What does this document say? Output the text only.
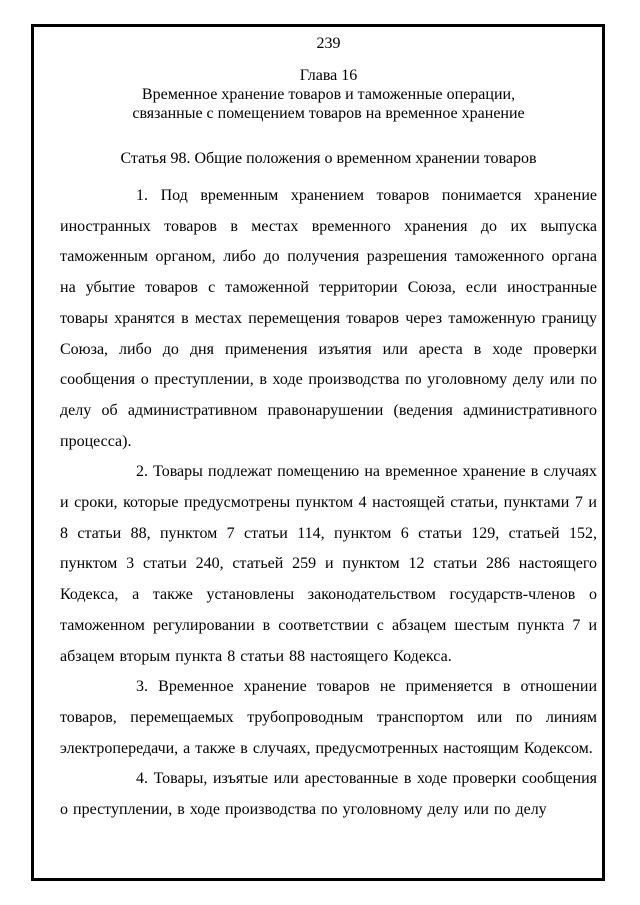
239

Глава 16

Временное хранение товаров и таможенные операции,

связанные с помещением товаров на временное хранение

Статья 98. Общие положения о временном хранении товаров

1. Под временным хранением товаров понимается хранение иностранных товаров в местах временного хранения до их выпуска таможенным органом, либо до получения разрешения таможенного органа на убытие товаров с таможенной территории Союза, если иностранные товары хранятся в местах перемещения товаров через таможенную границу Союза, либо до дня применения изъятия или ареста в ходе проверки сообщения о преступлении, в ходе производства по уголовному делу или по делу об административном правонарушении (ведения административного процесса).

2. Товары подлежат помещению на временное хранение в случаях и сроки, которые предусмотрены пунктом 4 настоящей статьи, пунктами 7 и 8 статьи 88, пунктом 7 статьи 114, пунктом 6 статьи 129, статьей 152, пунктом 3 статьи 240, статьей 259 и пунктом 12 статьи 286 настоящего Кодекса, а также установлены законодательством государств-членов о таможенном регулировании в соответствии с абзацем шестым пункта 7 и абзацем вторым пункта 8 статьи 88 настоящего Кодекса.

3. Временное хранение товаров не применяется в отношении товаров, перемещаемых трубопроводным транспортом или по линиям электропередачи, а также в случаях, предусмотренных настоящим Кодексом.

4. Товары, изъятые или арестованные в ходе проверки сообщения о преступлении, в ходе производства по уголовному делу или по делу
